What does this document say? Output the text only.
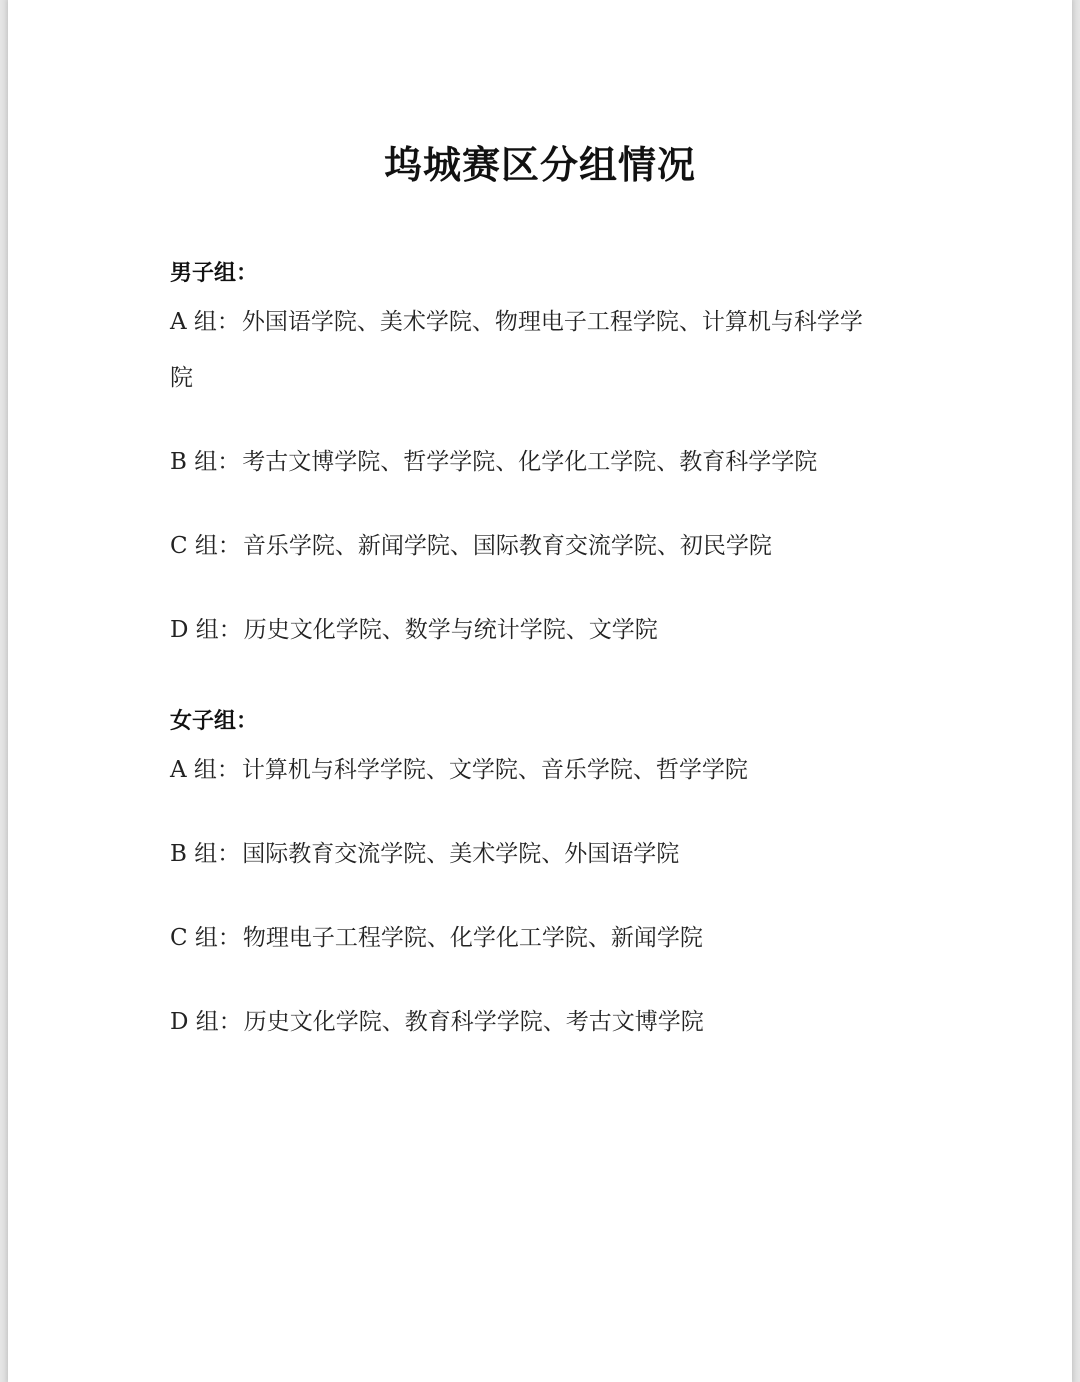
坞城赛区分组情况
男子组：
A 组：外国语学院、美术学院、物理电子工程学院、计算机与科学学
院
B 组：考古文博学院、哲学学院、化学化工学院、教育科学学院
C 组：音乐学院、新闻学院、国际教育交流学院、初民学院
D 组：历史文化学院、数学与统计学院、文学院
女子组：
A 组：计算机与科学学院、文学院、音乐学院、哲学学院
B 组：国际教育交流学院、美术学院、外国语学院
C 组：物理电子工程学院、化学化工学院、新闻学院
D 组：历史文化学院、教育科学学院、考古文博学院
